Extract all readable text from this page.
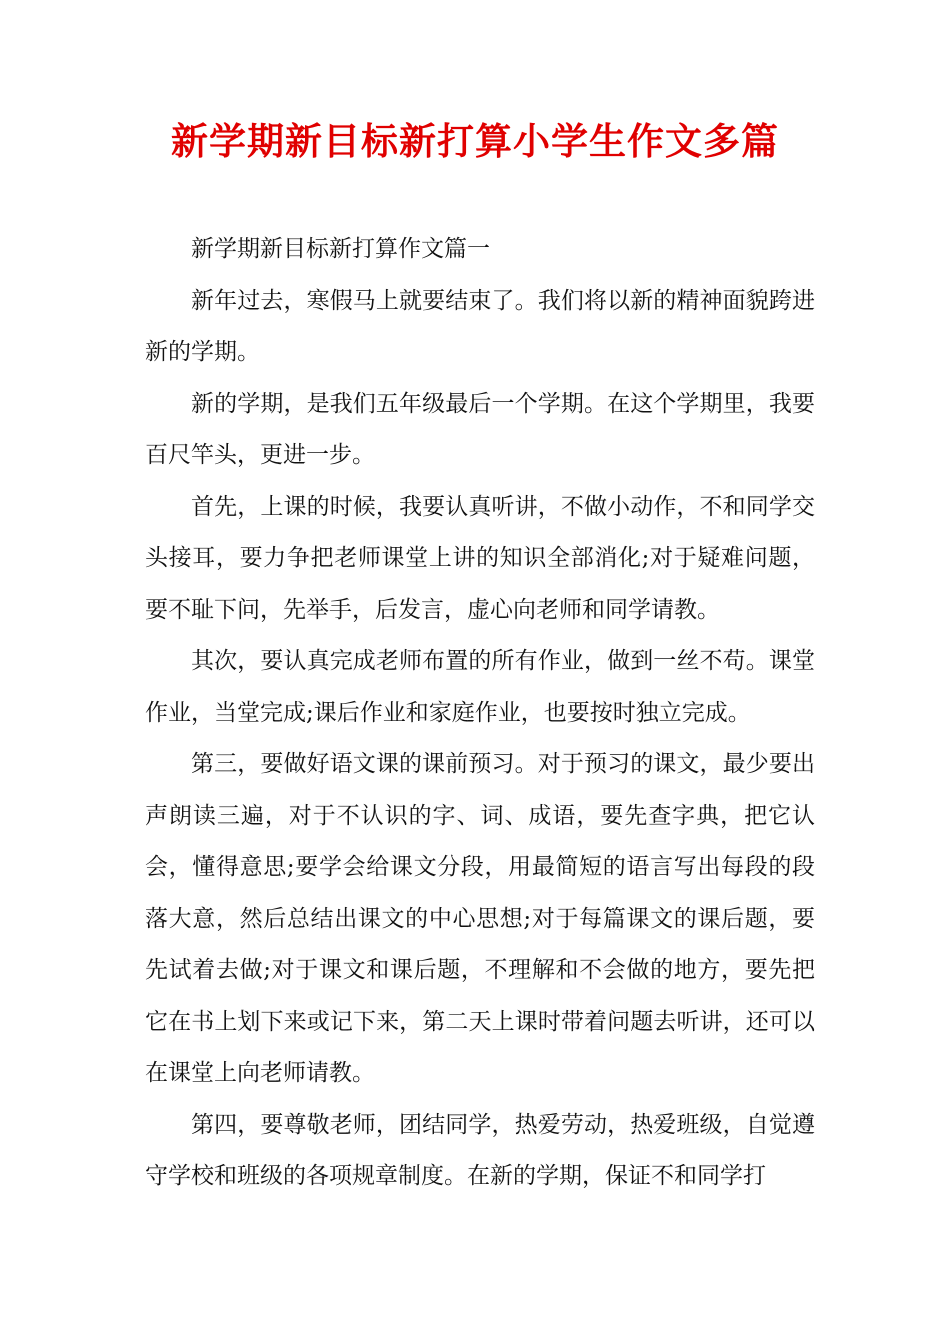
新学期新目标新打算小学生作文多篇

新学期新目标新打算作文篇一

新年过去，寒假马上就要结束了。我们将以新的精神面貌跨进新的学期。

新的学期，是我们五年级最后一个学期。在这个学期里，我要百尺竿头，更进一步。

首先，上课的时候，我要认真听讲，不做小动作，不和同学交头接耳，要力争把老师课堂上讲的知识全部消化;对于疑难问题，要不耻下问，先举手，后发言，虚心向老师和同学请教。

其次，要认真完成老师布置的所有作业，做到一丝不苟。课堂作业，当堂完成;课后作业和家庭作业，也要按时独立完成。

第三，要做好语文课的课前预习。对于预习的课文，最少要出声朗读三遍，对于不认识的字、词、成语，要先查字典，把它认会，懂得意思;要学会给课文分段，用最简短的语言写出每段的段落大意，然后总结出课文的中心思想;对于每篇课文的课后题，要先试着去做;对于课文和课后题，不理解和不会做的地方，要先把它在书上划下来或记下来，第二天上课时带着问题去听讲，还可以在课堂上向老师请教。

第四，要尊敬老师，团结同学，热爱劳动，热爱班级，自觉遵守学校和班级的各项规章制度。在新的学期，保证不和同学打
